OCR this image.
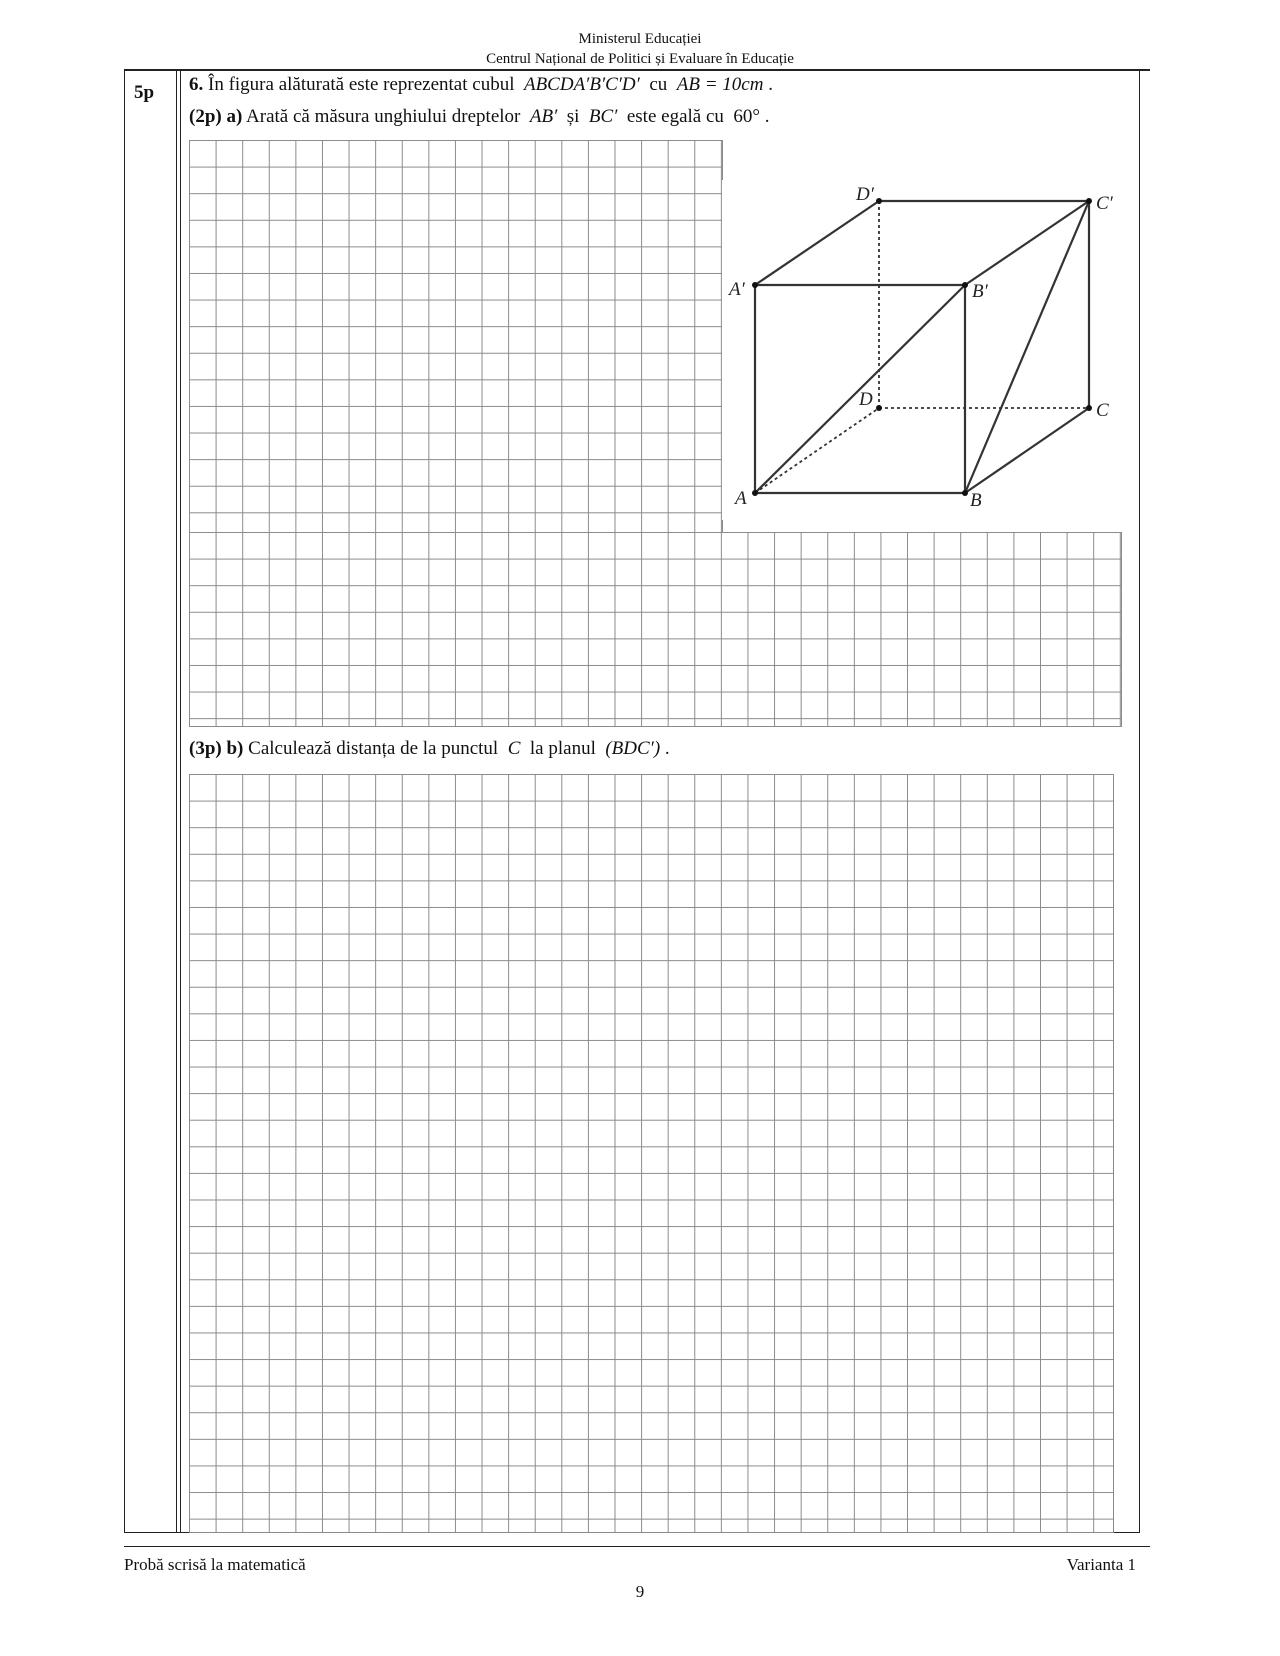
Ministerul Educației
Centrul Național de Politici și Evaluare în Educație
5p 6. În figura alăturată este reprezentat cubul ABCDA′B′C′D′ cu AB = 10cm .
(2p) a) Arată că măsura unghiului dreptelor AB′ și BC′ este egală cu 60° .
A	B
C
D
A′	B′
C′
D′
(3p) b) Calculează distanța de la punctul C la planul (BDC′) .
Probă scrisă la matematică	Varianta 1
9
